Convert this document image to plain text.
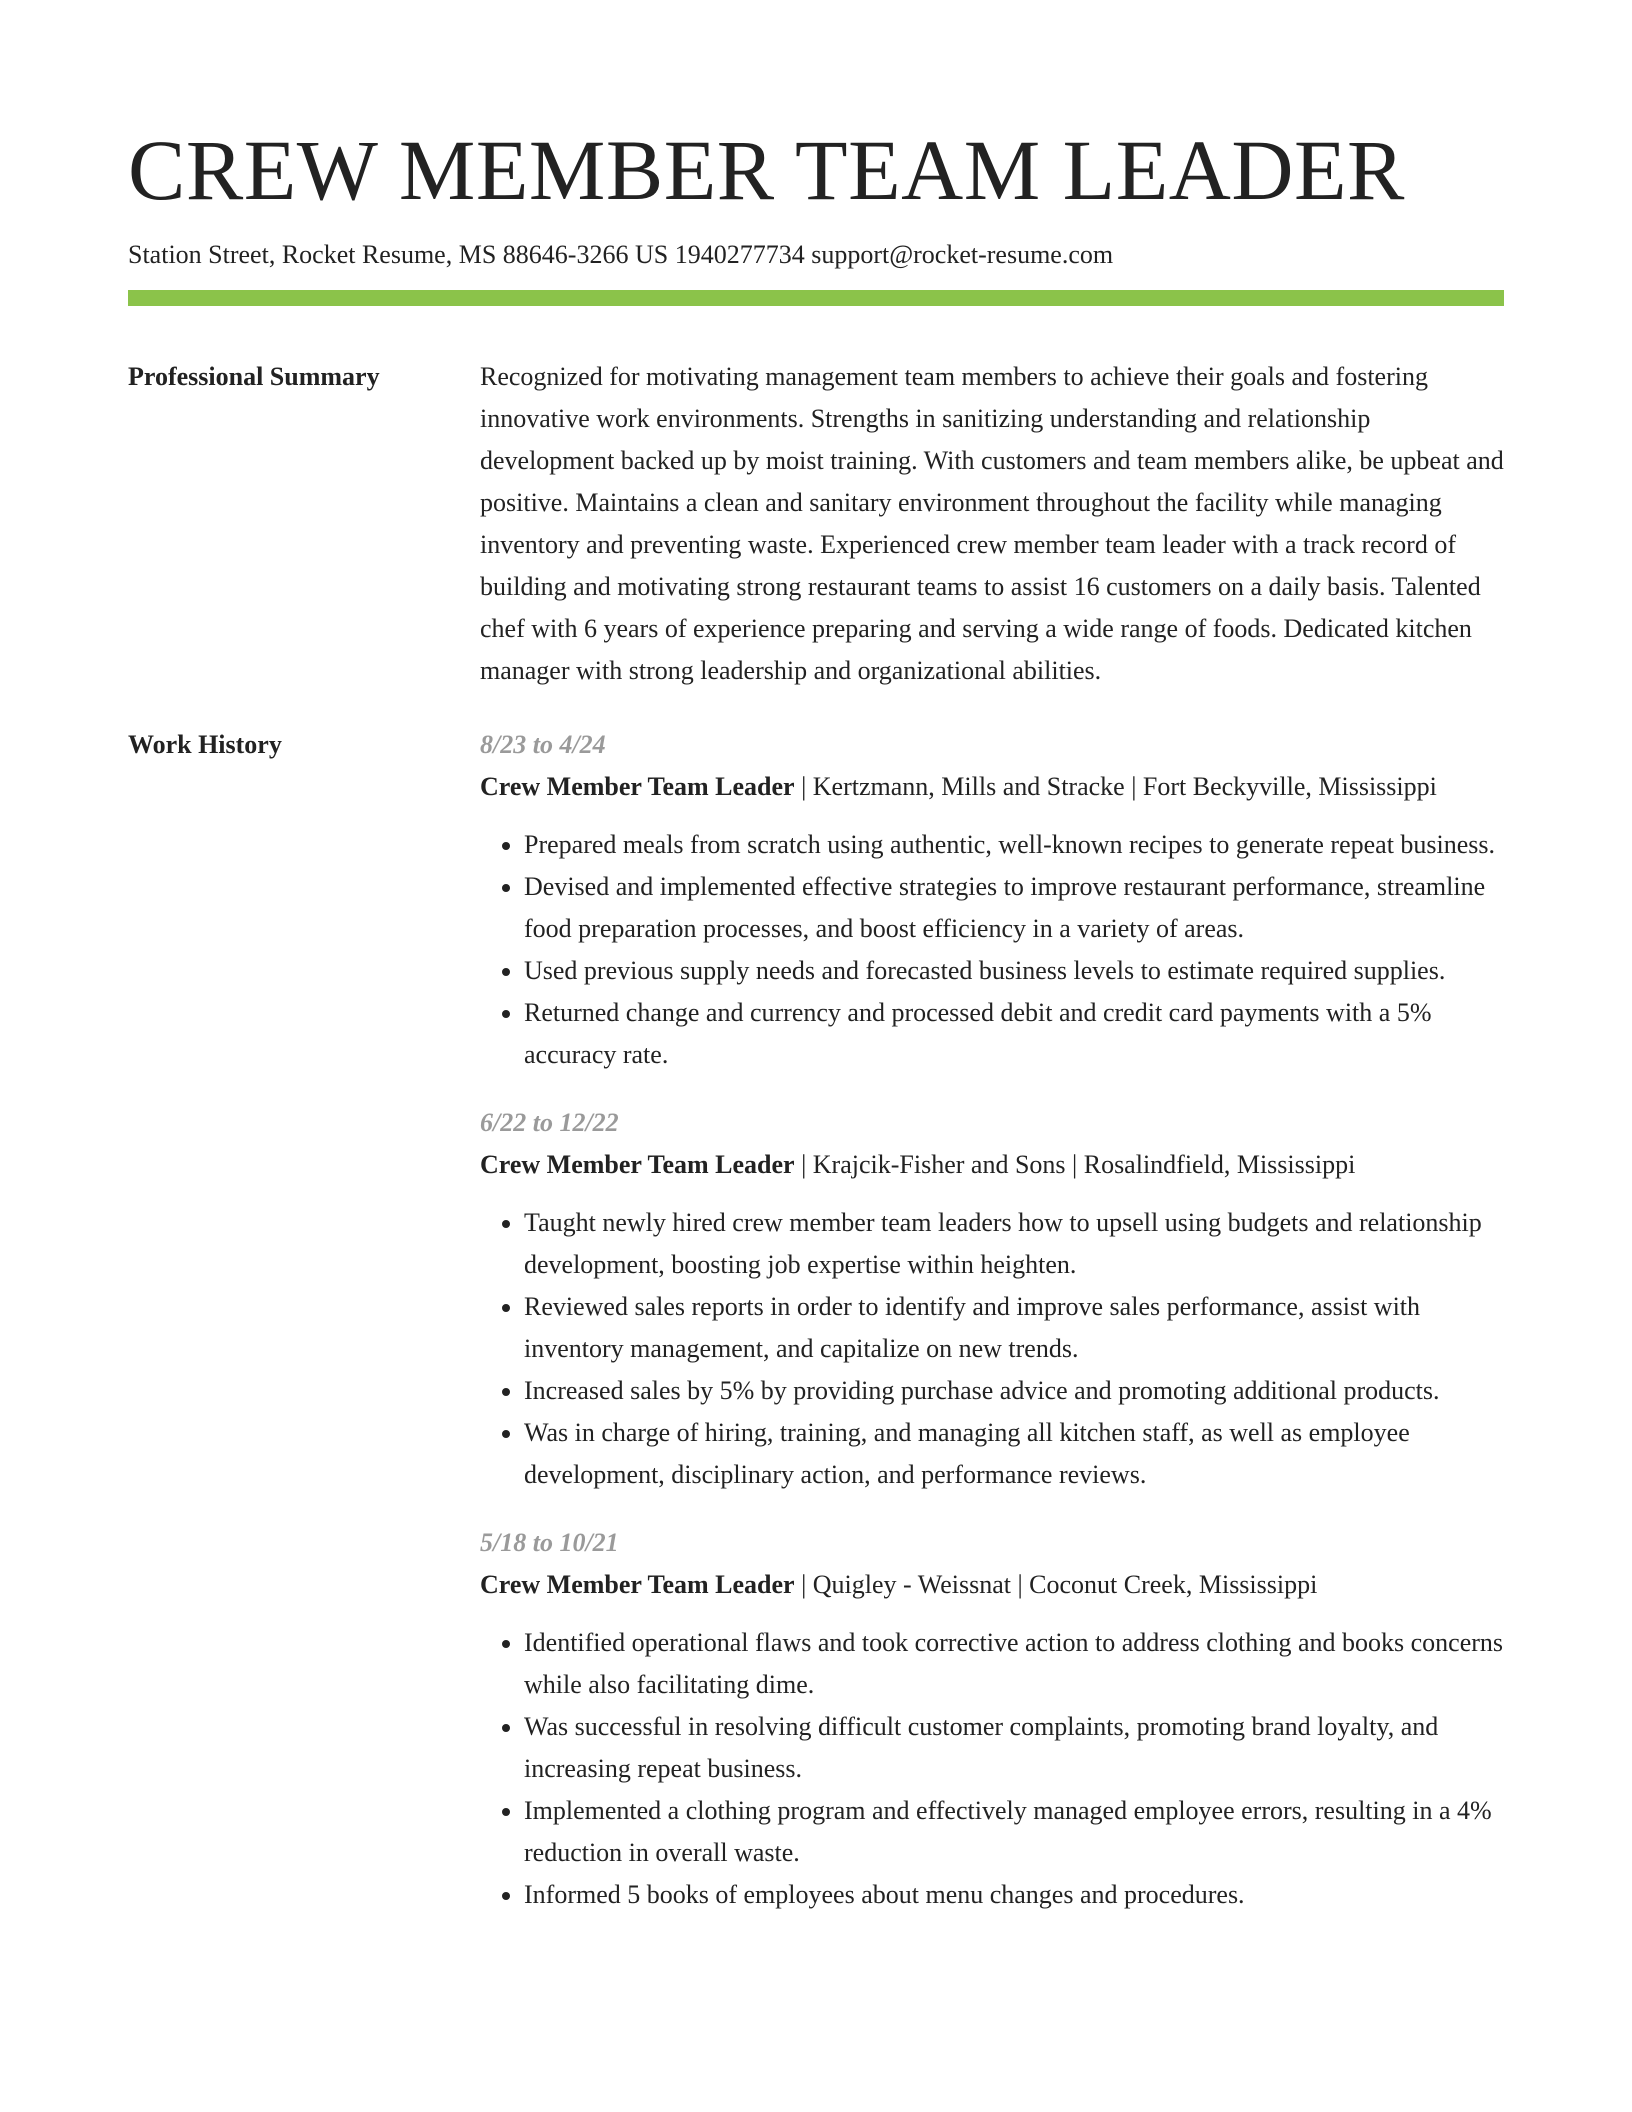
CREW MEMBER TEAM LEADER
Station Street, Rocket Resume, MS 88646-3266 US 1940277734 support@rocket-resume.com
Professional Summary	Recognized for motivating management team members to achieve their goals and fostering innovative work environments. Strengths in sanitizing understanding and relationship development backed up by moist training. With customers and team members alike, be upbeat and positive. Maintains a clean and sanitary environment throughout the facility while managing inventory and preventing waste. Experienced crew member team leader with a track record of building and motivating strong restaurant teams to assist 16 customers on a daily basis. Talented chef with 6 years of experience preparing and serving a wide range of foods. Dedicated kitchen manager with strong leadership and organizational abilities.

Work History	8/23 to 4/24

Crew Member Team Leader | Kertzmann, Mills and Stracke | Fort Beckyville, Mississippi

• Prepared meals from scratch using authentic, well-known recipes to generate repeat business.
• Devised and implemented effective strategies to improve restaurant performance, streamline food preparation processes, and boost efficiency in a variety of areas.
• Used previous supply needs and forecasted business levels to estimate required supplies.
• Returned change and currency and processed debit and credit card payments with a 5% accuracy rate.
6/22 to 12/22

Crew Member Team Leader | Krajcik-Fisher and Sons | Rosalindfield, Mississippi

• Taught newly hired crew member team leaders how to upsell using budgets and relationship development, boosting job expertise within heighten.
• Reviewed sales reports in order to identify and improve sales performance, assist with inventory management, and capitalize on new trends.
• Increased sales by 5% by providing purchase advice and promoting additional products.
• Was in charge of hiring, training, and managing all kitchen staff, as well as employee development, disciplinary action, and performance reviews.
5/18 to 10/21

Crew Member Team Leader | Quigley - Weissnat | Coconut Creek, Mississippi

• Identified operational flaws and took corrective action to address clothing and books concerns while also facilitating dime.
• Was successful in resolving difficult customer complaints, promoting brand loyalty, and increasing repeat business.
• Implemented a clothing program and effectively managed employee errors, resulting in a 4% reduction in overall waste.
• Informed 5 books of employees about menu changes and procedures.
